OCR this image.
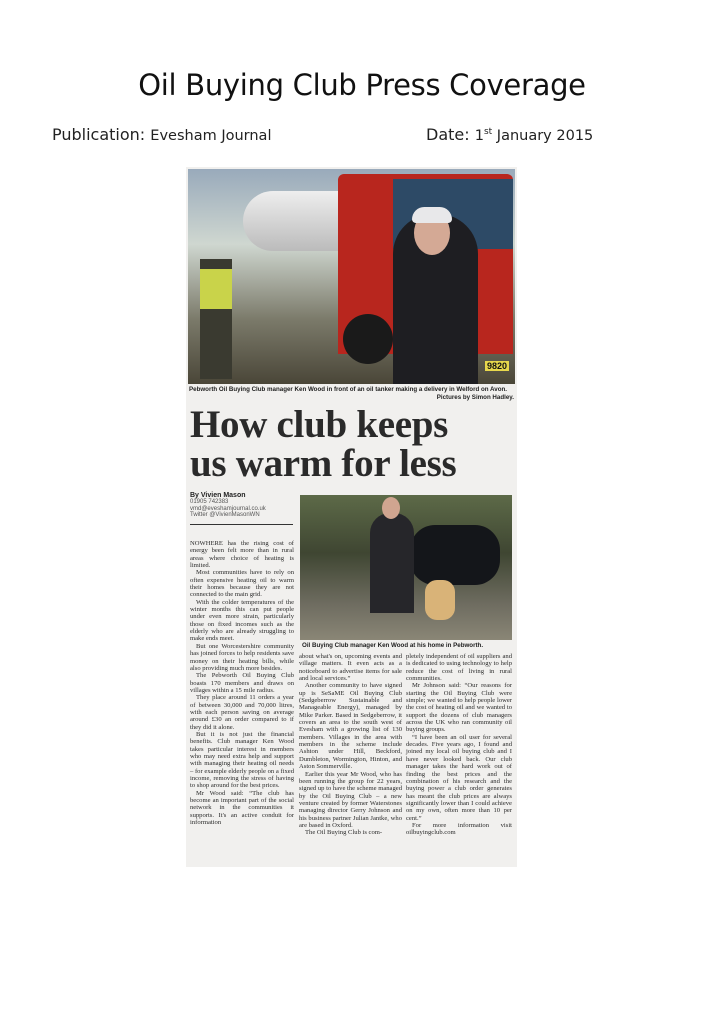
Oil Buying Club Press Coverage
Publication: Evesham Journal	Date: 1st January 2015
9820
Pebworth Oil Buying Club manager Ken Wood in front of an oil tanker making a delivery in Welford on Avon.
Pictures by Simon Hadley.
How club keeps
us warm for less
By Vivien Mason
01905 742383
vmd@eveshamjournal.co.uk
Twitter @VivienMasonWN
Oil Buying Club manager Ken Wood at his home in Pebworth.

NOWHERE has the rising cost of energy been felt more than in rural areas where choice of heating is limited.

Most communities have to rely on often expensive heating oil to warm their homes because they are not connected to the main grid.

With the colder temperatures of the winter months this can put people under even more strain, particularly those on fixed incomes such as the elderly who are already struggling to make ends meet.

But one Worcestershire community has joined forces to help residents save money on their heating bills, while also providing much more besides.

The Pebworth Oil Buying Club boasts 170 members and draws on villages within a 15 mile radius.

They place around 11 orders a year of between 30,000 and 70,000 litres, with each person saving on average around £30 an order compared to if they did it alone.

But it is not just the financial benefits. Club manager Ken Wood takes particular interest in members who may need extra help and support with managing their heating oil needs – for example elderly people on a fixed income, removing the stress of having to shop around for the best prices.

Mr Wood said: “The club has become an important part of the social network in the communities it supports. It's an active conduit for information

about what's on, upcoming events and village matters. It even acts as a noticeboard to advertise items for sale and local services.”

Another community to have signed up is SeSaME Oil Buying Club (Sedgeberrow Sustainable and Manageable Energy), managed by Mike Parker. Based in Sedgeberrow, it covers an area to the south west of Evesham with a growing list of 130 members. Villages in the area with members in the scheme include Ashton under Hill, Beckford, Dumbleton, Wormington, Hinton, and Aston Sommerville.

Earlier this year Mr Wood, who has been running the group for 22 years, signed up to have the scheme managed by the Oil Buying Club – a new venture created by former Waterstones managing director Gerry Johnson and his business partner Julian Jantke, who are based in Oxford.

The Oil Buying Club is com-

pletely independent of oil suppliers and is dedicated to using technology to help reduce the cost of living in rural communities.

Mr Johnson said: “Our reasons for starting the Oil Buying Club were simple; we wanted to help people lower the cost of heating oil and we wanted to support the dozens of club managers across the UK who ran community oil buying groups.

“I have been an oil user for several decades. Five years ago, I found and joined my local oil buying club and I have never looked back. Our club manager takes the hard work out of finding the best prices and the combination of his research and the buying power a club order generates has meant the club prices are always significantly lower than I could achieve on my own, often more than 10 per cent.”

For more information visit oilbuyingclub.com
